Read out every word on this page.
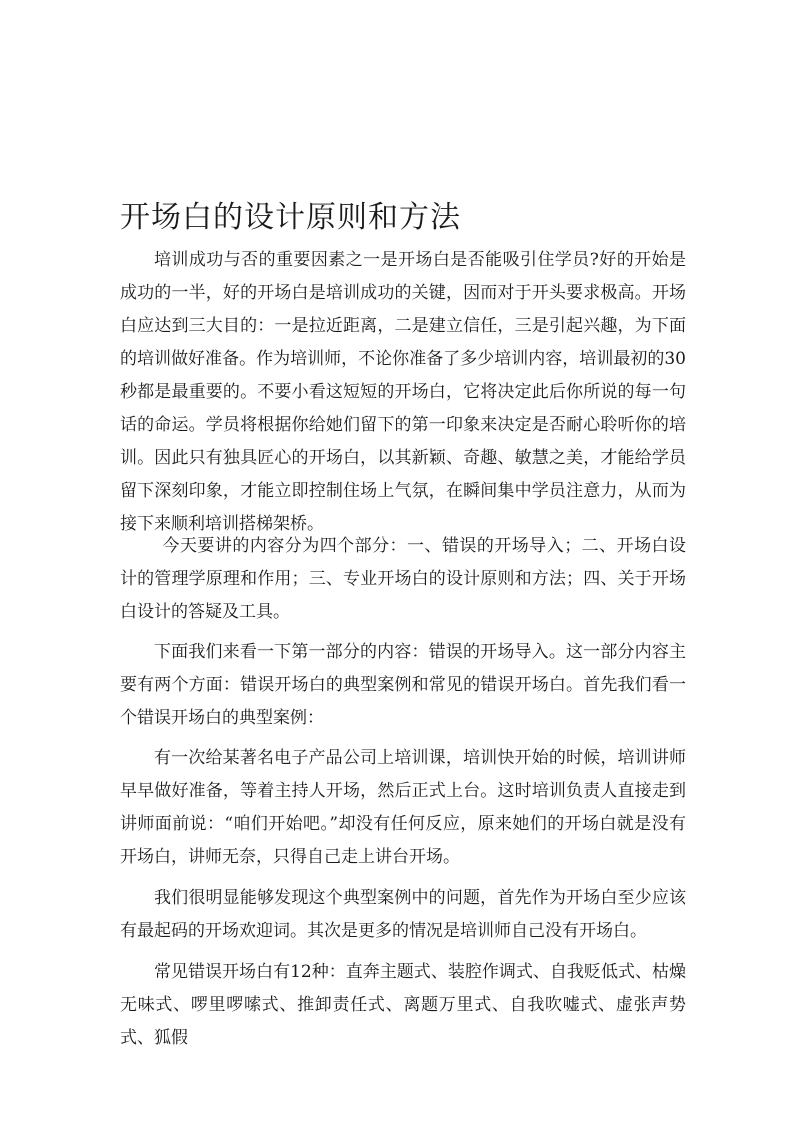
开场白的设计原则和方法

培训成功与否的重要因素之一是开场白是否能吸引住学员?好的开始是成功的一半，好的开场白是培训成功的关键，因而对于开头要求极高。开场白应达到三大目的：一是拉近距离，二是建立信任，三是引起兴趣，为下面的培训做好准备。作为培训师，不论你准备了多少培训内容，培训最初的30秒都是最重要的。不要小看这短短的开场白，它将决定此后你所说的每一句话的命运。学员将根据你给她们留下的第一印象来决定是否耐心聆听你的培训。因此只有独具匠心的开场白，以其新颖、奇趣、敏慧之美，才能给学员留下深刻印象，才能立即控制住场上气氛，在瞬间集中学员注意力，从而为接下来顺利培训搭梯架桥。

今天要讲的内容分为四个部分：一、错误的开场导入；二、开场白设计的管理学原理和作用；三、专业开场白的设计原则和方法；四、关于开场白设计的答疑及工具。

下面我们来看一下第一部分的内容：错误的开场导入。这一部分内容主要有两个方面：错误开场白的典型案例和常见的错误开场白。首先我们看一个错误开场白的典型案例：

有一次给某著名电子产品公司上培训课，培训快开始的时候，培训讲师早早做好准备，等着主持人开场，然后正式上台。这时培训负责人直接走到讲师面前说：“咱们开始吧。”却没有任何反应，原来她们的开场白就是没有开场白，讲师无奈，只得自己走上讲台开场。

我们很明显能够发现这个典型案例中的问题，首先作为开场白至少应该有最起码的开场欢迎词。其次是更多的情况是培训师自己没有开场白。

常见错误开场白有12种：直奔主题式、装腔作调式、自我贬低式、枯燥无味式、啰里啰嗦式、推卸责任式、离题万里式、自我吹嘘式、虚张声势式、狐假
